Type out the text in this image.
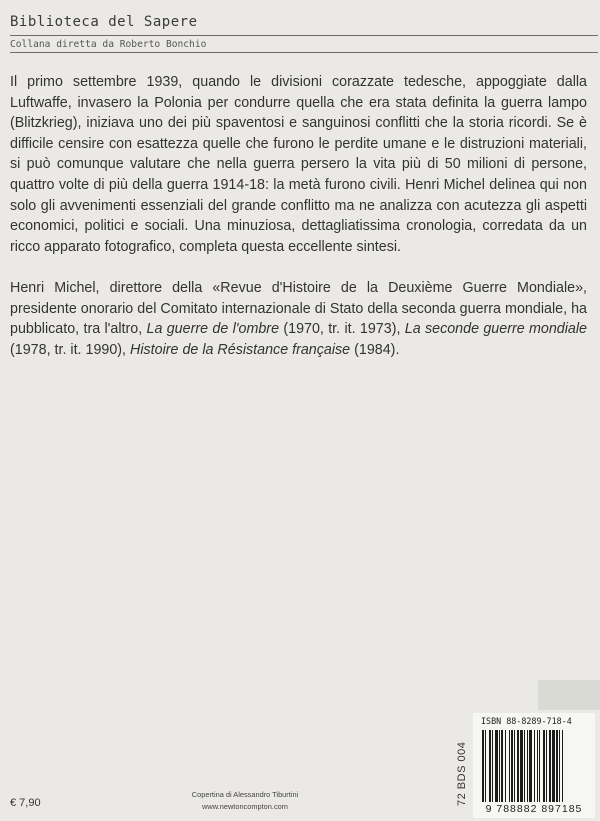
Biblioteca del Sapere
Collana diretta da Roberto Bonchio

Il primo settembre 1939, quando le divisioni corazzate tedesche, appoggiate dalla Luftwaffe, invasero la Polonia per condurre quella che era stata definita la guerra lampo (Blitzkrieg), iniziava uno dei più spaventosi e sanguinosi conflitti che la storia ricordi. Se è difficile censire con esattezza quelle che furono le perdite umane e le distruzioni materiali, si può comunque valutare che nella guerra persero la vita più di 50 milioni di persone, quattro volte di più della guerra 1914-18: la metà furono civili. Henri Michel delinea qui non solo gli avvenimenti essenziali del grande conflitto ma ne analizza con acutezza gli aspetti economici, politici e sociali. Una minuziosa, dettagliatissima cronologia, corredata da un ricco apparato fotografico, completa questa eccellente sintesi.

Henri Michel, direttore della «Revue d'Histoire de la Deuxième Guerre Mondiale», presidente onorario del Comitato internazionale di Stato della seconda guerra mondiale, ha pubblicato, tra l'altro, La guerre de l'ombre (1970, tr. it. 1973), La seconde guerre mondiale (1978, tr. it. 1990), Histoire de la Résistance française (1984).

€ 7,90
Copertina di Alessandro Tiburtini
www.newtoncompton.com
72 BDS 004
ISBN 88-8289-718-4
9 788882 897185
